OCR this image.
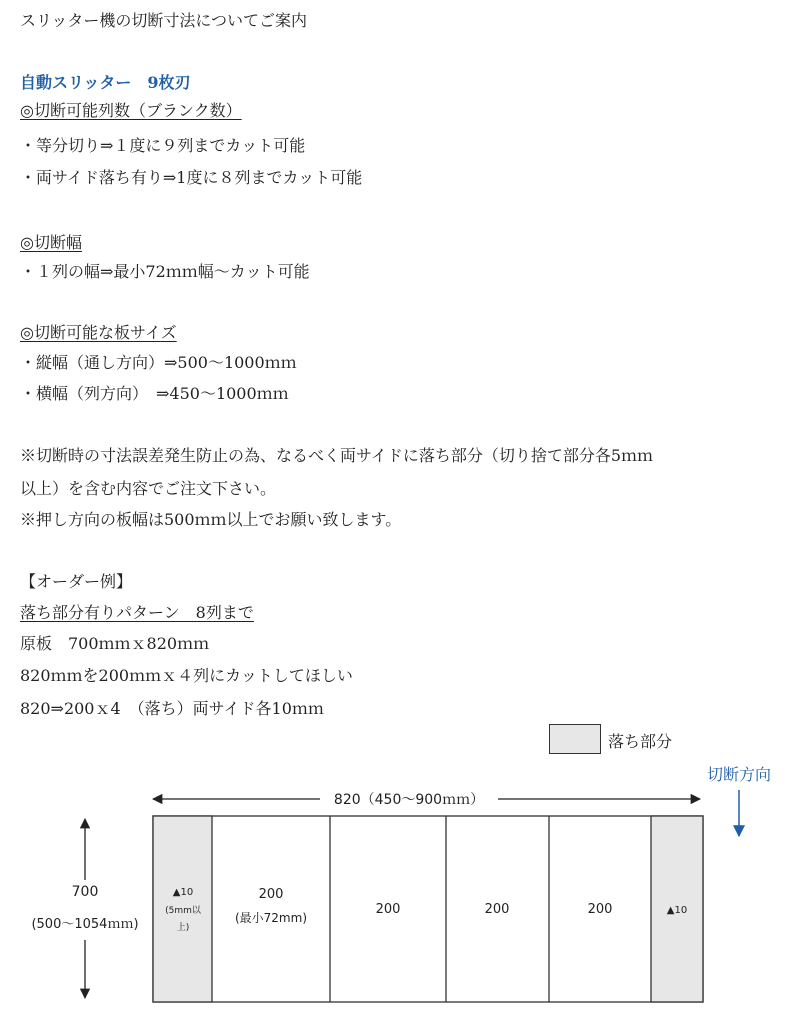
スリッター機の切断寸法についてご案内
自動スリッター　9枚刃
◎切断可能列数（ブランク数）
・等分切り⇒１度に９列までカット可能
・両サイド落ち有り⇒1度に８列までカット可能
◎切断幅
・１列の幅⇒最小72ｍｍ幅～カット可能
◎切断可能な板サイズ
・縦幅（通し方向）⇒500～1000ｍｍ
・横幅（列方向）　⇒450～1000ｍｍ
※切断時の寸法誤差発生防止の為、なるべく両サイドに落ち部分（切り捨て部分各5ｍｍ
以上）を含む内容でご注文下さい。
※押し方向の板幅は500ｍｍ以上でお願い致します。
【オーダー例】
落ち部分有りパターン　8列まで
原板　700ｍｍｘ820ｍｍ
820ｍｍを200ｍｍｘ４列にカットしてほしい
820⇒200ｘ4　（落ち）両サイド各10ｍｍ
落ち部分
切断方向
820（450～900ｍｍ）
700
(500～1054ｍｍ)
▲10
(5mm以
上)
200
(最小72mm)
200	200	200	▲10
